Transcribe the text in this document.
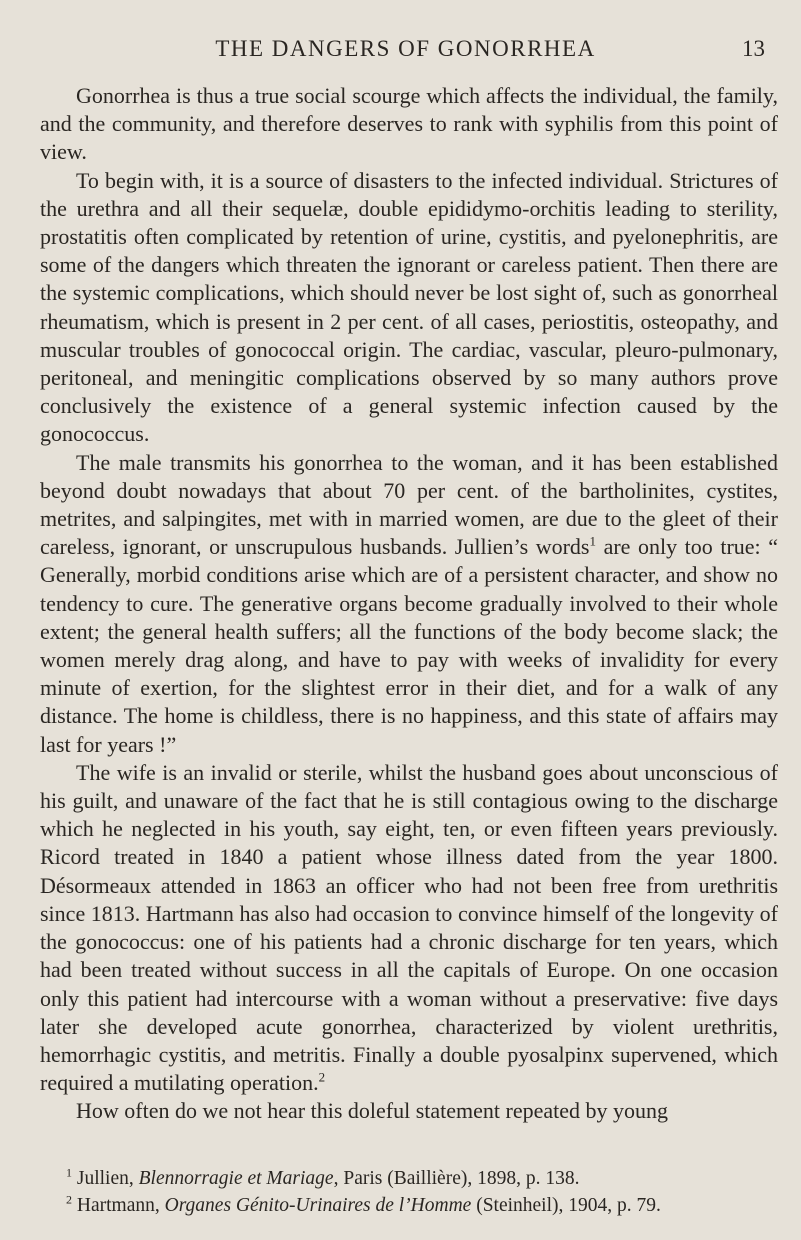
THE DANGERS OF GONORRHEA	13

Gonorrhea is thus a true social scourge which affects the individual, the family, and the community, and therefore deserves to rank with syphilis from this point of view.

To begin with, it is a source of disasters to the infected individual. Strictures of the urethra and all their sequelæ, double epididymo-orchitis leading to sterility, prostatitis often complicated by retention of urine, cystitis, and pyelonephritis, are some of the dangers which threaten the ignorant or careless patient. Then there are the systemic complications, which should never be lost sight of, such as gonorrheal rheumatism, which is present in 2 per cent. of all cases, periostitis, osteopathy, and muscular troubles of gonococcal origin. The cardiac, vascular, pleuro-pulmonary, peritoneal, and meningitic complications observed by so many authors prove conclusively the existence of a general systemic infection caused by the gonococcus.

The male transmits his gonorrhea to the woman, and it has been established beyond doubt nowadays that about 70 per cent. of the bartholinites, cystites, metrites, and salpingites, met with in married women, are due to the gleet of their careless, ignorant, or unscrupulous husbands. Jullien’s words$^1$ are only too true: “ Generally, morbid conditions arise which are of a persistent character, and show no tendency to cure. The generative organs become gradually involved to their whole extent; the general health suffers; all the functions of the body become slack; the women merely drag along, and have to pay with weeks of invalidity for every minute of exertion, for the slightest error in their diet, and for a walk of any distance. The home is childless, there is no happiness, and this state of affairs may last for years !”

The wife is an invalid or sterile, whilst the husband goes about unconscious of his guilt, and unaware of the fact that he is still contagious owing to the discharge which he neglected in his youth, say eight, ten, or even fifteen years previously. Ricord treated in 1840 a patient whose illness dated from the year 1800. Désormeaux attended in 1863 an officer who had not been free from urethritis since 1813. Hartmann has also had occasion to convince himself of the longevity of the gonococcus: one of his patients had a chronic discharge for ten years, which had been treated without success in all the capitals of Europe. On one occasion only this patient had intercourse with a woman without a preservative: five days later she developed acute gonorrhea, characterized by violent urethritis, hemorrhagic cystitis, and metritis. Finally a double pyosalpinx supervened, which required a mutilating operation.$^2$

How often do we not hear this doleful statement repeated by young

$^1$ Jullien, Blennorragie et Mariage, Paris (Baillière), 1898, p. 138.

$^2$ Hartmann, Organes Génito-Urinaires de l’Homme (Steinheil), 1904, p. 79.
